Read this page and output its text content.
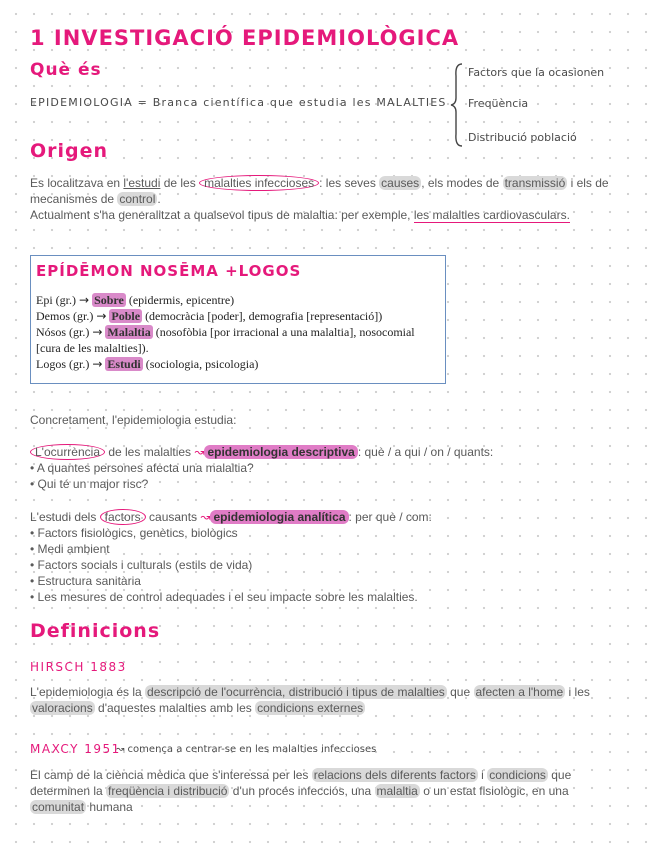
1 INVESTIGACIÓ EPIDEMIOLÒGICA
Què és
EPIDEMIOLOGIA = Branca científica que estudia les MALALTIES
Factors que la ocasionen
Freqüència
Distribució població
Origen
Es localitzava en l'estudi de les malalties infeccioses : les seves causes , els modes de transmissió i els de
mecanismes de control .
Actualment s'ha generalitzat a qualsevol tipus de malaltia: per exemple, les malalties cardiovasculars.
EPÍDĒMON NOSĒMA +LOGOS
Epi (gr.) → Sobre (epidermis, epicentre)
Demos (gr.) → Poble (democràcia [poder], demografia [representació])
Nósos (gr.) → Malaltia (nosofòbia [por irracional a una malaltia], nosocomial
[cura de les malalties]).
Logos (gr.) → Estudi (sociologia, psicologia)
Concretament, l'epidemiologia estudia:
L'ocurrència de les malalties ↝ epidemiologia descriptiva : què / a qui / on / quants:
• A quantes persones afecta una malaltia?
• Qui té un major risc?
L'estudi dels factors causants ↝ epidemiologia analítica : per què / com:
• Factors fisiològics, genètics, biològics
• Medi ambient
• Factors socials i culturals (estils de vida)
• Estructura sanitària
• Les mesures de control adequades i el seu impacte sobre les malalties.
Definicions
HIRSCH 1883
L'epidemiologia és la descripció de l'ocurrència, distribució i tipus de malalties que afecten a l'home i les
valoracions d'aquestes malalties amb les condicions externes
MAXCY 1951
↝ comença a centrar-se en les malalties infeccioses
El camp de la ciència mèdica que s'interessa per les relacions dels diferents factors i condicions que
determinen la freqüència i distribució d'un procés infecciós, una malaltia o un estat fisiològic, en una
comunitat humana
